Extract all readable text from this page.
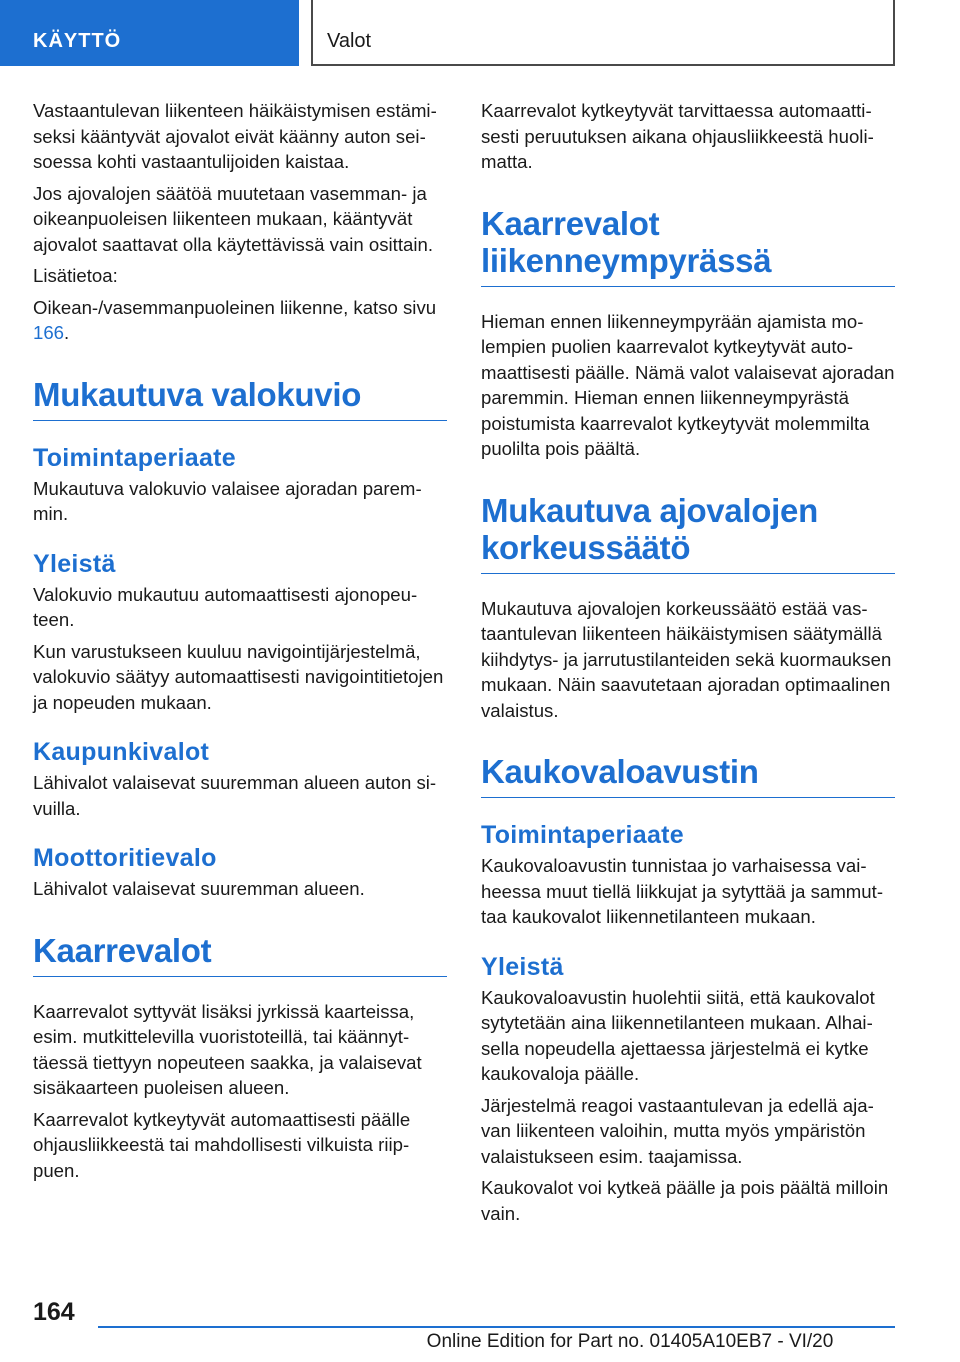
KÄYTTÖ	Valot

Vastaantulevan liikenteen häikäistymisen estämiseksi kääntyvät ajovalot eivät käänny auton seisoessa kohti vastaantulijoiden kaistaa.

Jos ajovalojen säätöä muutetaan vasemman- ja oikeanpuoleisen liikenteen mukaan, kääntyvät ajovalot saattavat olla käytettävissä vain osittain.

Lisätietoa:

Oikean-/vasemmanpuoleinen liikenne, katso sivu 166.

Mukautuva valokuvio
Toimintaperiaate

Mukautuva valokuvio valaisee ajoradan paremmin.

Yleistä

Valokuvio mukautuu automaattisesti ajonopeuteen.

Kun varustukseen kuuluu navigointijärjestelmä, valokuvio säätyy automaattisesti navigointitietojen ja nopeuden mukaan.

Kaupunkivalot

Lähivalot valaisevat suuremman alueen auton sivuilla.

Moottoritievalo

Lähivalot valaisevat suuremman alueen.

Kaarrevalot

Kaarrevalot syttyvät lisäksi jyrkissä kaarteissa, esim. mutkittelevilla vuoristoteillä, tai käännyttäessä tiettyyn nopeuteen saakka, ja valaisevat sisäkaarteen puoleisen alueen.

Kaarrevalot kytkeytyvät automaattisesti päälle ohjausliikkeestä tai mahdollisesti vilkuista riippuen.

Kaarrevalot kytkeytyvät tarvittaessa automaattisesti peruutuksen aikana ohjausliikkeestä huolimatta.

Kaarrevalot liikenneympyrässä

Hieman ennen liikenneympyrään ajamista molempien puolien kaarrevalot kytkeytyvät automaattisesti päälle. Nämä valot valaisevat ajoradan paremmin. Hieman ennen liikenneympyrästä poistumista kaarrevalot kytkeytyvät molemmilta puolilta pois päältä.

Mukautuva ajovalojen korkeussäätö

Mukautuva ajovalojen korkeussäätö estää vastaantulevan liikenteen häikäistymisen säätymällä kiihdytys- ja jarrutustilanteiden sekä kuormauksen mukaan. Näin saavutetaan ajoradan optimaalinen valaistus.

Kaukovaloavustin
Toimintaperiaate

Kaukovaloavustin tunnistaa jo varhaisessa vaiheessa muut tiellä liikkujat ja sytyttää ja sammuttaa kaukovalot liikennetilanteen mukaan.

Yleistä

Kaukovaloavustin huolehtii siitä, että kaukovalot sytytetään aina liikennetilanteen mukaan. Alhaisella nopeudella ajettaessa järjestelmä ei kytke kaukovaloja päälle.

Järjestelmä reagoi vastaantulevan ja edellä ajavan liikenteen valoihin, mutta myös ympäristön valaistukseen esim. taajamissa.

Kaukovalot voi kytkeä päälle ja pois päältä milloin vain.

164
Online Edition for Part no. 01405A10EB7 - VI/20
